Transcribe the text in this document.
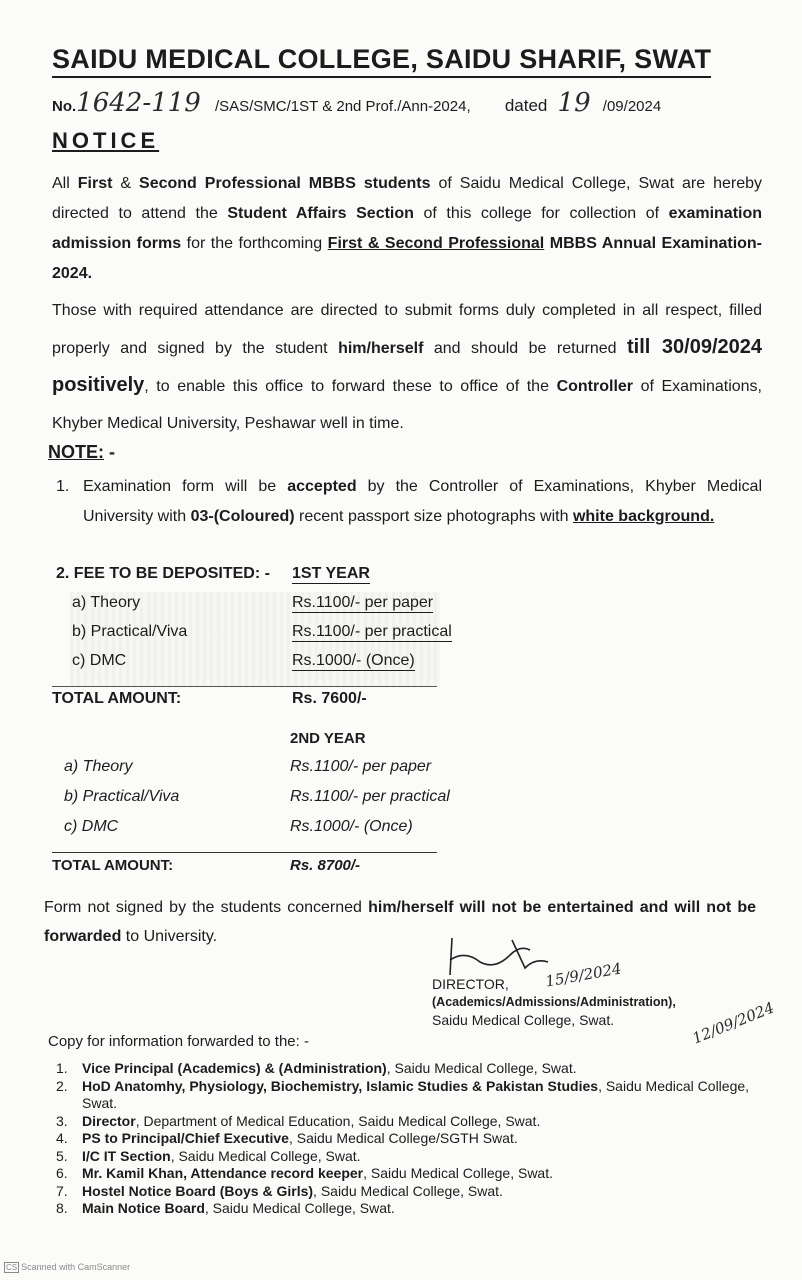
SAIDU MEDICAL COLLEGE, SAIDU SHARIF, SWAT
No.1642-119 /SAS/SMC/1ST & 2nd Prof./Ann-2024, dated 19 /09/2024
NOTICE
All First & Second Professional MBBS students of Saidu Medical College, Swat are hereby directed to attend the Student Affairs Section of this college for collection of examination admission forms for the forthcoming First & Second Professional MBBS Annual Examination-2024.
Those with required attendance are directed to submit forms duly completed in all respect, filled properly and signed by the student him/herself and should be returned till 30/09/2024 positively, to enable this office to forward these to office of the Controller of Examinations, Khyber Medical University, Peshawar well in time.
NOTE: -
1. Examination form will be accepted by the Controller of Examinations, Khyber Medical University with 03-(Coloured) recent passport size photographs with white background.
2. FEE TO BE DEPOSITED: - 1ST YEAR
a) Theory	Rs.1100/- per paper
b) Practical/Viva	Rs.1100/- per practical
c) DMC	Rs.1000/- (Once)
TOTAL AMOUNT:	Rs. 7600/-
2ND YEAR
a) Theory	Rs.1100/- per paper
b) Practical/Viva	Rs.1100/- per practical
c) DMC	Rs.1000/- (Once)
TOTAL AMOUNT:	Rs. 8700/-
Form not signed by the students concerned him/herself will not be entertained and will not be forwarded to University.
DIRECTOR,
(Academics/Admissions/Administration),
Saidu Medical College, Swat.
15/9/2024
12/09/2024
Copy for information forwarded to the: -
1.	Vice Principal (Academics) & (Administration), Saidu Medical College, Swat.
2.	HoD Anatomhy, Physiology, Biochemistry, Islamic Studies & Pakistan Studies, Saidu Medical College, Swat.
3.	Director, Department of Medical Education, Saidu Medical College, Swat.
4.	PS to Principal/Chief Executive, Saidu Medical College/SGTH Swat.
5.	I/C IT Section, Saidu Medical College, Swat.
6.	Mr. Kamil Khan, Attendance record keeper, Saidu Medical College, Swat.
7.	Hostel Notice Board (Boys & Girls), Saidu Medical College, Swat.
8.	Main Notice Board, Saidu Medical College, Swat.
CS Scanned with CamScanner
